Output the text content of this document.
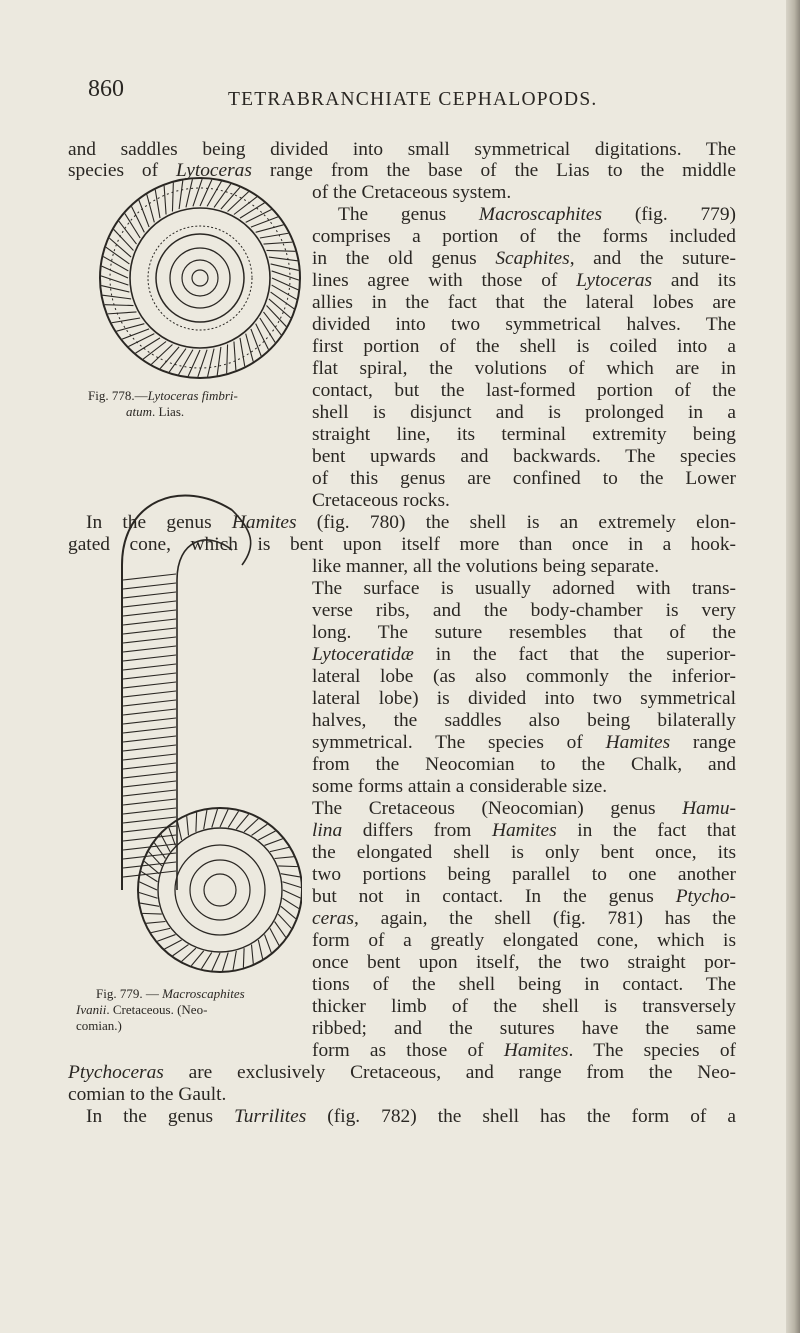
860	TETRABRANCHIATE CEPHALOPODS.
Fig. 778.—Lytoceras fimbri-
atum. Lias.
Fig. 779. — Macroscaphites
Ivanii. Cretaceous. (Neo-
comian.)
and saddles being divided into small symmetrical digitations. The
species of Lytoceras range from the base of the Lias to the middle
of the Cretaceous system.
The genus Macroscaphites (fig. 779)
comprises a portion of the forms included
in the old genus Scaphites, and the suture-
lines agree with those of Lytoceras and its
allies in the fact that the lateral lobes are
divided into two symmetrical halves. The
first portion of the shell is coiled into a
flat spiral, the volutions of which are in
contact, but the last-formed portion of the
shell is disjunct and is prolonged in a
straight line, its terminal extremity being
bent upwards and backwards. The species
of this genus are confined to the Lower
Cretaceous rocks.
In the genus Hamites (fig. 780) the shell is an extremely elon-
gated cone, which is bent upon itself more than once in a hook-
like manner, all the volutions being separate.
The surface is usually adorned with trans-
verse ribs, and the body-chamber is very
long. The suture resembles that of the
Lytoceratidæ in the fact that the superior-
lateral lobe (as also commonly the inferior-
lateral lobe) is divided into two symmetrical
halves, the saddles also being bilaterally
symmetrical. The species of Hamites range
from the Neocomian to the Chalk, and
some forms attain a considerable size.
The Cretaceous (Neocomian) genus Hamu-
lina differs from Hamites in the fact that
the elongated shell is only bent once, its
two portions being parallel to one another
but not in contact. In the genus Ptycho-
ceras, again, the shell (fig. 781) has the
form of a greatly elongated cone, which is
once bent upon itself, the two straight por-
tions of the shell being in contact. The
thicker limb of the shell is transversely
ribbed; and the sutures have the same
form as those of Hamites. The species of
Ptychoceras are exclusively Cretaceous, and range from the Neo-
comian to the Gault.
In the genus Turrilites (fig. 782) the shell has the form of a
